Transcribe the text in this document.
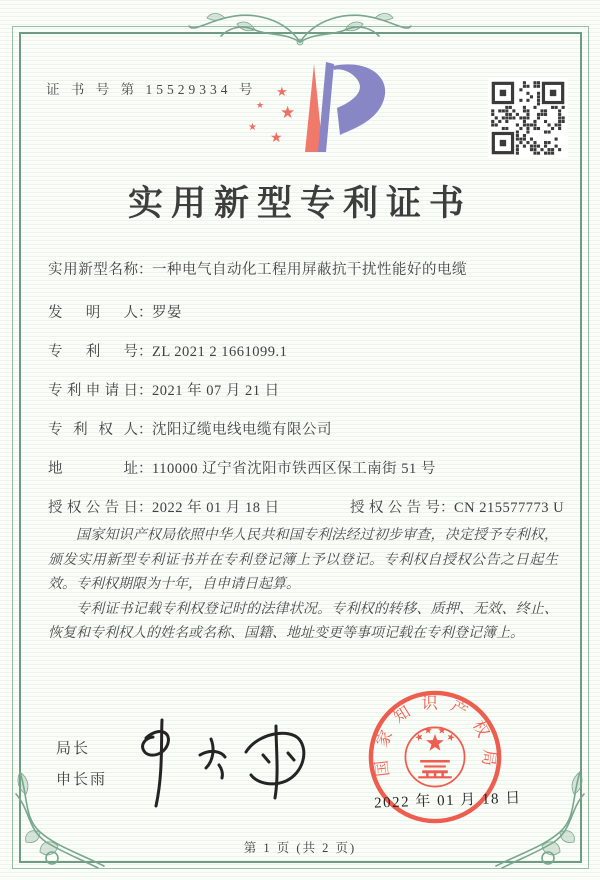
证 书 号 第 15529334 号 ★
★ ★
★
★
实用新型专利证书
实用新型名称：一种电气自动化工程用屏蔽抗干扰性能好的电缆
发明人：罗晏
专利号：ZL 2021 2 1661099.1
专利申请日：2021 年 07 月 21 日
专利权人：沈阳辽缆电线电缆有限公司
地址：110000 辽宁省沈阳市铁西区保工南街 51 号
授权公告日：2022 年 01 月 18 日	授权公告号：CN 215577773 U

国家知识产权局依照中华人民共和国专利法经过初步审查，决定授予专利权，颁发实用新型专利证书并在专利登记簿上予以登记。专利权自授权公告之日起生效。专利权期限为十年，自申请日起算。

专利证书记载专利权登记时的法律状况。专利权的转移、质押、无效、终止、恢复和专利权人的姓名或名称、国籍、地址变更等事项记载在专利登记簿上。

局长
申长雨
国家知识产权局
2022 年 01 月 18 日
第 1 页 (共 2 页)
